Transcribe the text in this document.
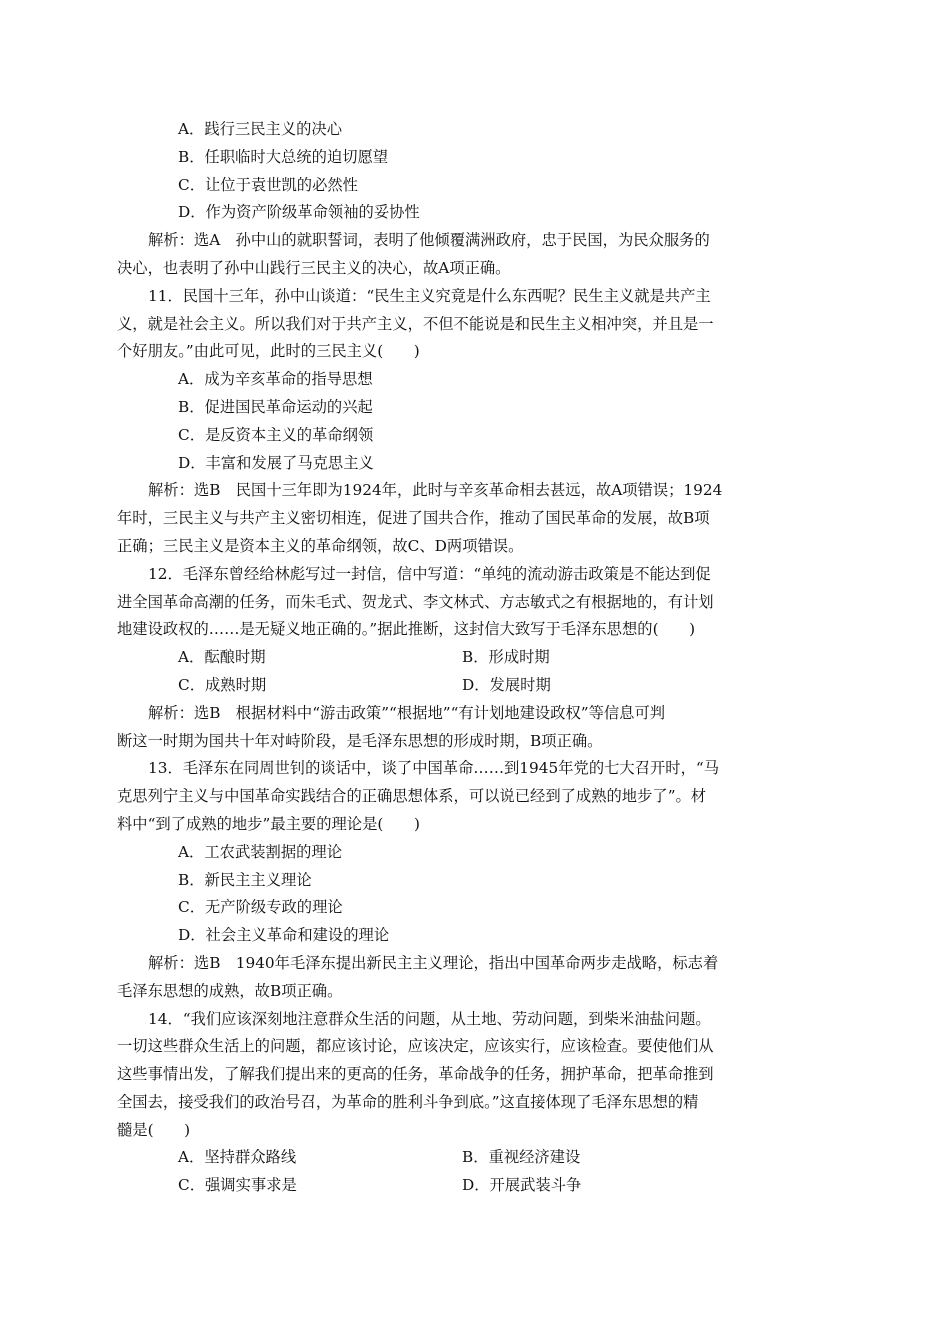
A．践行三民主义的决心
B．任职临时大总统的迫切愿望
C．让位于袁世凯的必然性
D．作为资产阶级革命领袖的妥协性
解析：选A　孙中山的就职誓词，表明了他倾覆满洲政府，忠于民国，为民众服务的
决心，也表明了孙中山践行三民主义的决心，故A项正确。
11．民国十三年，孙中山谈道：“民生主义究竟是什么东西呢？民生主义就是共产主
义，就是社会主义。所以我们对于共产主义，不但不能说是和民生主义相冲突，并且是一
个好朋友。”由此可见，此时的三民主义(　　)
A．成为辛亥革命的指导思想
B．促进国民革命运动的兴起
C．是反资本主义的革命纲领
D．丰富和发展了马克思主义
解析：选B　民国十三年即为1924年，此时与辛亥革命相去甚远，故A项错误；1924
年时，三民主义与共产主义密切相连，促进了国共合作，推动了国民革命的发展，故B项
正确；三民主义是资本主义的革命纲领，故C、D两项错误。
12．毛泽东曾经给林彪写过一封信，信中写道：“单纯的流动游击政策是不能达到促
进全国革命高潮的任务，而朱毛式、贺龙式、李文林式、方志敏式之有根据地的，有计划
地建设政权的……是无疑义地正确的。”据此推断，这封信大致写于毛泽东思想的(　　)
A．酝酿时期	B．形成时期
C．成熟时期	D．发展时期
解析：选B　根据材料中“游击政策”“根据地”“有计划地建设政权”等信息可判
断这一时期为国共十年对峙阶段，是毛泽东思想的形成时期，B项正确。
13．毛泽东在同周世钊的谈话中，谈了中国革命……到1945年党的七大召开时，“马
克思列宁主义与中国革命实践结合的正确思想体系，可以说已经到了成熟的地步了”。材
料中“到了成熟的地步”最主要的理论是(　　)
A．工农武装割据的理论
B．新民主主义理论
C．无产阶级专政的理论
D．社会主义革命和建设的理论
解析：选B　1940年毛泽东提出新民主主义理论，指出中国革命两步走战略，标志着
毛泽东思想的成熟，故B项正确。
14．“我们应该深刻地注意群众生活的问题，从土地、劳动问题，到柴米油盐问题。
一切这些群众生活上的问题，都应该讨论，应该决定，应该实行，应该检查。要使他们从
这些事情出发，了解我们提出来的更高的任务，革命战争的任务，拥护革命，把革命推到
全国去，接受我们的政治号召，为革命的胜利斗争到底。”这直接体现了毛泽东思想的精
髓是(　　)
A．坚持群众路线	B．重视经济建设
C．强调实事求是	D．开展武装斗争
